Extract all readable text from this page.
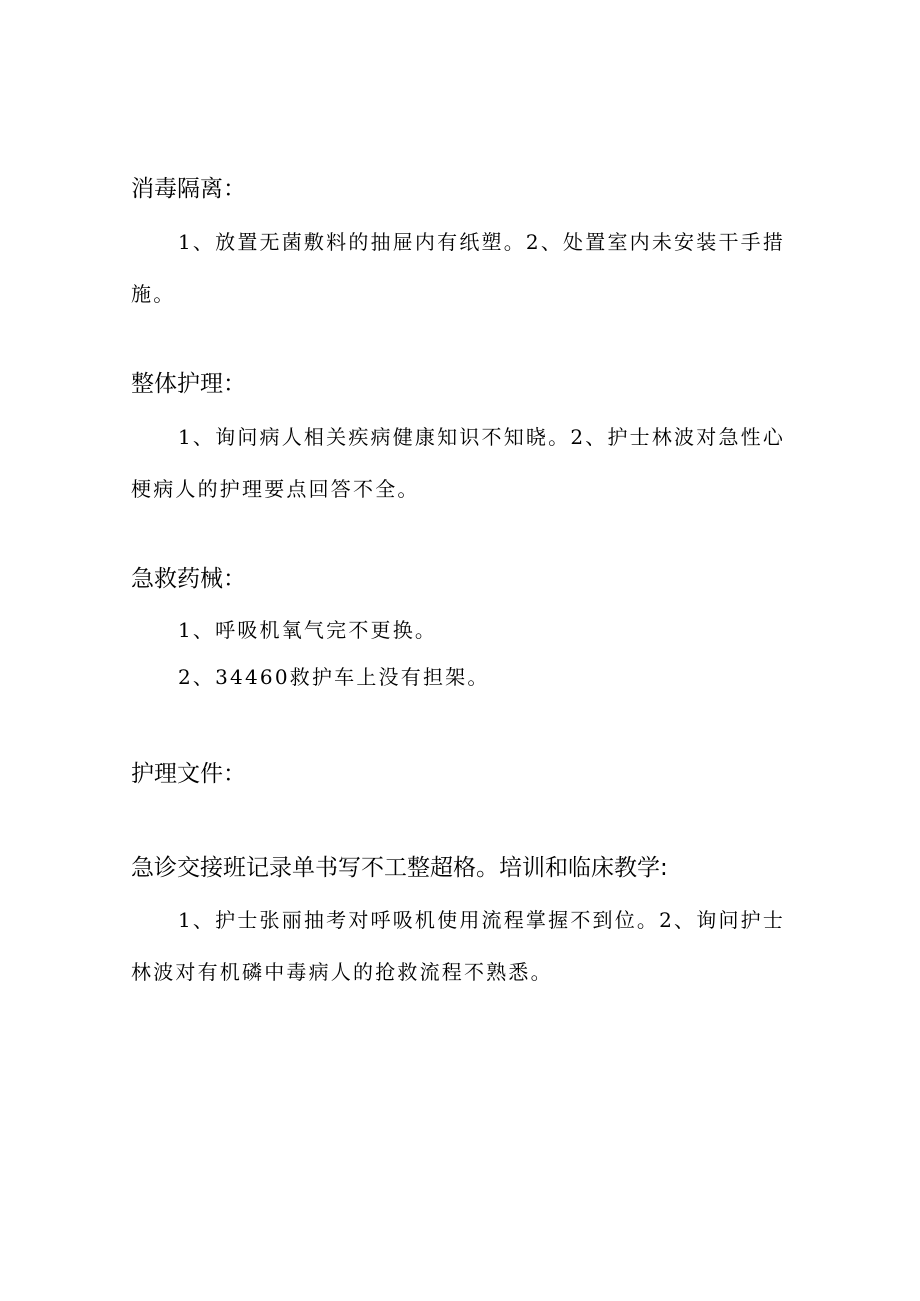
消毒隔离：

1、放置无菌敷料的抽屉内有纸塑。2、处置室内未安装干手措施。

整体护理：

1、询问病人相关疾病健康知识不知晓。2、护士林波对急性心梗病人的护理要点回答不全。

急救药械：

1、呼吸机氧气完不更换。

2、34460救护车上没有担架。

护理文件：
急诊交接班记录单书写不工整超格。培训和临床教学:

1、护士张丽抽考对呼吸机使用流程掌握不到位。2、询问护士林波对有机磷中毒病人的抢救流程不熟悉。
